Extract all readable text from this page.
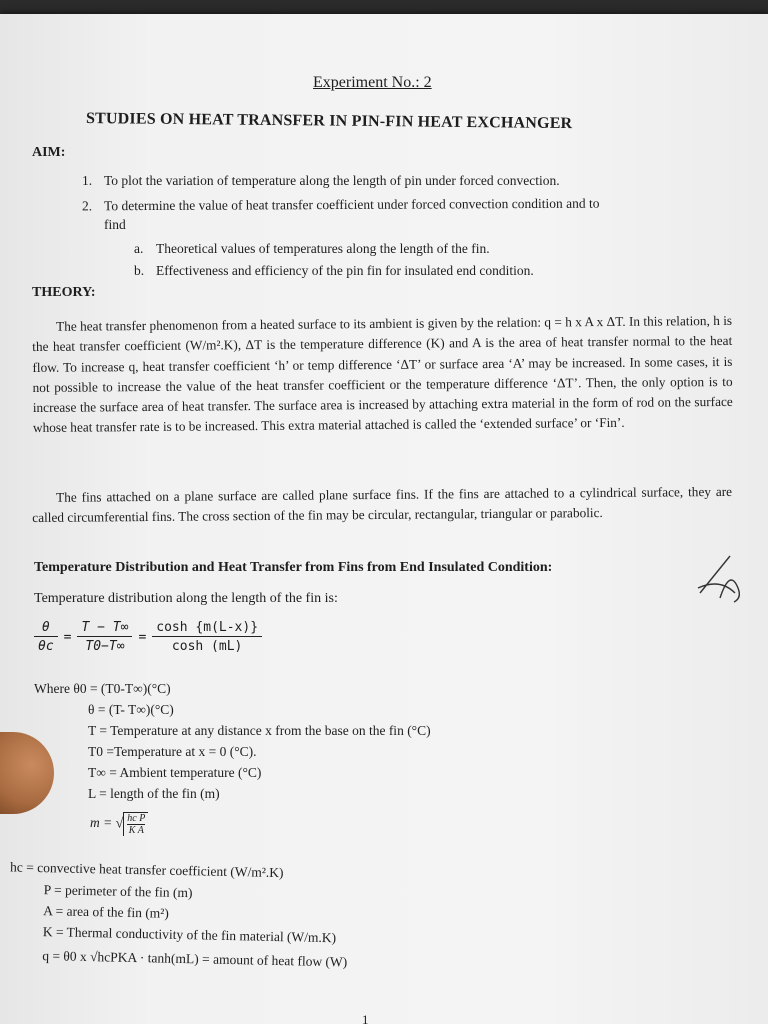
Experiment No.: 2
STUDIES ON HEAT TRANSFER IN PIN-FIN HEAT EXCHANGER
AIM:
1. To plot the variation of temperature along the length of pin under forced convection.
2. To determine the value of heat transfer coefficient under forced convection condition and to
find
a. Theoretical values of temperatures along the length of the fin.
b. Effectiveness and efficiency of the pin fin for insulated end condition.
THEORY:
The heat transfer phenomenon from a heated surface to its ambient is given by the relation: q = h x A x ΔT. In this relation, h is the heat transfer coefficient (W/m².K), ΔT is the temperature difference (K) and A is the area of heat transfer normal to the heat flow. To increase q, heat transfer coefficient ‘h’ or temp difference ‘ΔT’ or surface area ‘A’ may be increased. In some cases, it is not possible to increase the value of the heat transfer coefficient or the temperature difference ‘ΔT’. Then, the only option is to increase the surface area of heat transfer. The surface area is increased by attaching extra material in the form of rod on the surface whose heat transfer rate is to be increased. This extra material attached is called the ‘extended surface’ or ‘Fin’.
The fins attached on a plane surface are called plane surface fins. If the fins are attached to a cylindrical surface, they are called circumferential fins. The cross section of the fin may be circular, rectangular, triangular or parabolic.
Temperature Distribution and Heat Transfer from Fins from End Insulated Condition:
Temperature distribution along the length of the fin is:
$\frac{\theta}{\theta c} = \frac{T - T\infty}{T0-T\infty} = \frac{\cosh \{m(L-x)\}}{\cosh (mL)}$
Where θ0 = (T0-T∞)(°C)
θ = (T- T∞)(°C)
T = Temperature at any distance x from the base on the fin (°C)
T0 =Temperature at x = 0 (°C).
T∞ = Ambient temperature (°C)
L = length of the fin (m)
m = √ $\frac{\text{hc P}}{\text{K A}}$
hc = convective heat transfer coefficient (W/m².K)
P = perimeter of the fin (m)
A = area of the fin (m²)
K = Thermal conductivity of the fin material (W/m.K)
q = θ0 x √hcPKA · tanh(mL) = amount of heat flow (W)
1
